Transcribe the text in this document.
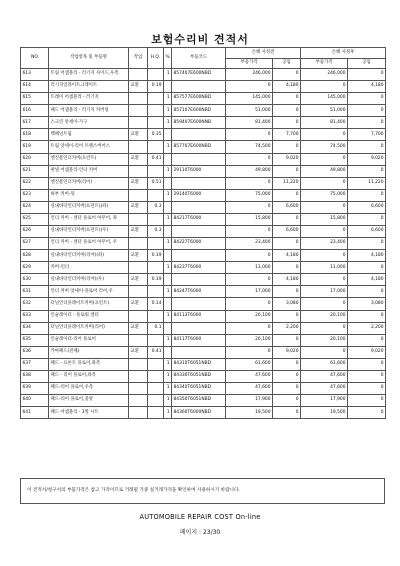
보험수리비 견적서
NO	작업항목 및 부품명	작업	H.Q.	%	부품코드	손해 사정전		손해 사정후	
						부품가격	공임	부품가격	공임
613	트림 어셈블리 - 러기지 사이드,우측			1	857407E600NBD	246,000	0	246,000	0
614	러기지일라이트크레이트	교환	0.19			0	4,180	0	4,180
615	트레이 어셈블리 - 러기지			1	857577E600NBD	145,000	0	145,000	0
616	패드 어셈블리 - 러기지 커버링			1	857107E600NBD	51,000	0	51,000	0
617	스크린 앗세이-가구			1	859407E600NNB	81,400	0	81,400	0
618	백패널트림	교환	0.35			0	7,700	0	7,700
619	트림 앗세이-리어 트랜스버어스			1	857707E600NBD	74,500	0	74,500	0
620	엔진룸언더커버(프런트)	교환	0.41			0	9,020	0	9,020
621	판넬 어셈블리-언더 커버			1	29110T6000	49,800	0	49,800	0
622	엔진룸언더커버(리어)	교환	0.51			0	11,220	0	11,220
623	하부 커버-뒤			1	29140T6000	75,000	0	75,000	0
624	실내바닥언더커버(프런트)(좌)	교환	0.3			0	6,600	0	6,600
625	언더 커버 - 센터 플로어 아무어, 좌			1	84217T6000	15,800	0	15,800	0
626	실내바닥언더커버(프런트)(우)	교환	0.3			0	6,600	0	6,600
627	언더 커버 - 센터 플로어 아무어, 우			1	84227T6000	23,400	0	23,400	0
628	실내바닥언더커버(리어)(좌)	교환	0.19			0	4,180	0	4,180
629	커버-언더			1	84237T6000	11,000	0	11,000	0
630	실내바닥언더커버(리어)(우)	교환	0.19			0	4,180	0	4,180
631	언더 커버 앗세이-플로어 리어,우			1	84247T6000	17,000	0	17,000	0
632	터널언더플레이트커버(프런트)	교환	0.14			0	3,080	0	3,080
633	인슐레이터 - 플로워 센터			1	84113T6000	20,100	0	20,100	0
634	터널언더플레이트커버(리어)	교환	0.1			0	2,200	0	2,200
635	인슐레이터-리어 플로어			1	84117T6000	20,100	0	20,100	0
636	카마패드(전체)	교환	0.41			0	9,020	0	9,020
637	패드 - 프론트 플로어,좌측			1	84310T6051NBD	61,600	0	61,600	0
638	패드 - 리어 플로어,좌측			1	84330T6051NBD	47,600	0	47,600	0
639	패드-리어 플로어,우측			1	84340T6051NBD	47,600	0	47,600	0
640	패드-리어 플로어,중앙			1	84350T6051NBD	17,900	0	17,900	0
641	패드 어셈블리 - 3열 시트			1	84360T6000NBD	19,500	0	19,500	0
이 견적서/청구서의 부품가격은 참고 가격이므로 거래될 가종 실거래가격을 확인하여 사용하시기 바랍니다.
AUTOMOBILE REPAIR COST On-line
페이지 : 23/30
